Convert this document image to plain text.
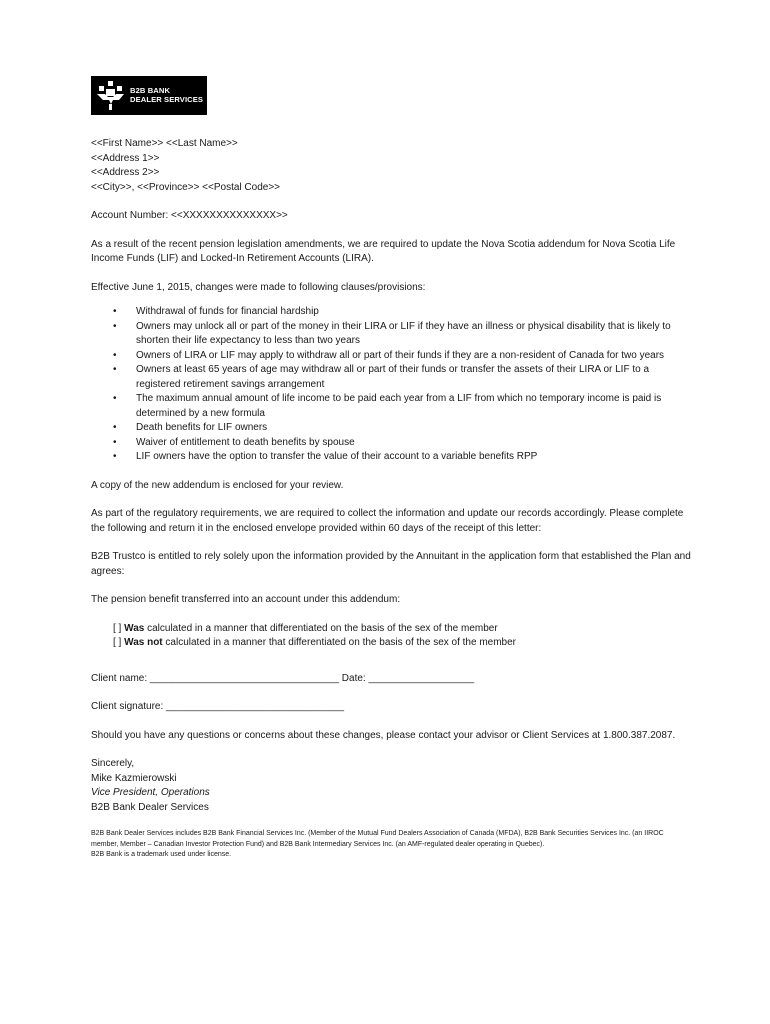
B2B BANK
DEALER SERVICES
<<First Name>> <<Last Name>>
<<Address 1>>
<<Address 2>>
<<City>>, <<Province>> <<Postal Code>>

Account Number: <<XXXXXXXXXXXXXX>>

As a result of the recent pension legislation amendments, we are required to update the Nova Scotia addendum for Nova Scotia Life Income Funds (LIF) and Locked-In Retirement Accounts (LIRA).

Effective June 1, 2015, changes were made to following clauses/provisions:

• Withdrawal of funds for financial hardship
• Owners may unlock all or part of the money in their LIRA or LIF if they have an illness or physical disability that is likely to shorten their life expectancy to less than two years
• Owners of LIRA or LIF may apply to withdraw all or part of their funds if they are a non-resident of Canada for two years
• Owners at least 65 years of age may withdraw all or part of their funds or transfer the assets of their LIRA or LIF to a registered retirement savings arrangement
• The maximum annual amount of life income to be paid each year from a LIF from which no temporary income is paid is determined by a new formula
• Death benefits for LIF owners
• Waiver of entitlement to death benefits by spouse
• LIF owners have the option to transfer the value of their account to a variable benefits RPP

A copy of the new addendum is enclosed for your review.

As part of the regulatory requirements, we are required to collect the information and update our records accordingly. Please complete the following and return it in the enclosed envelope provided within 60 days of the receipt of this letter:

B2B Trustco is entitled to rely solely upon the information provided by the Annuitant in the application form that established the Plan and agrees:

The pension benefit transferred into an account under this addendum:

[ ] Was calculated in a manner that differentiated on the basis of the sex of the member
[ ] Was not calculated in a manner that differentiated on the basis of the sex of the member

Client name: __________________________________ Date: ___________________

Client signature: ________________________________

Should you have any questions or concerns about these changes, please contact your advisor or Client Services at 1.800.387.2087.

Sincerely,
Mike Kazmierowski
Vice President, Operations
B2B Bank Dealer Services
B2B Bank Dealer Services includes B2B Bank Financial Services Inc. (Member of the Mutual Fund Dealers Association of Canada (MFDA), B2B Bank Securities Services Inc. (an IIROC member, Member – Canadian Investor Protection Fund) and B2B Bank Intermediary Services Inc. (an AMF-regulated dealer operating in Quebec).
B2B Bank is a trademark used under license.
